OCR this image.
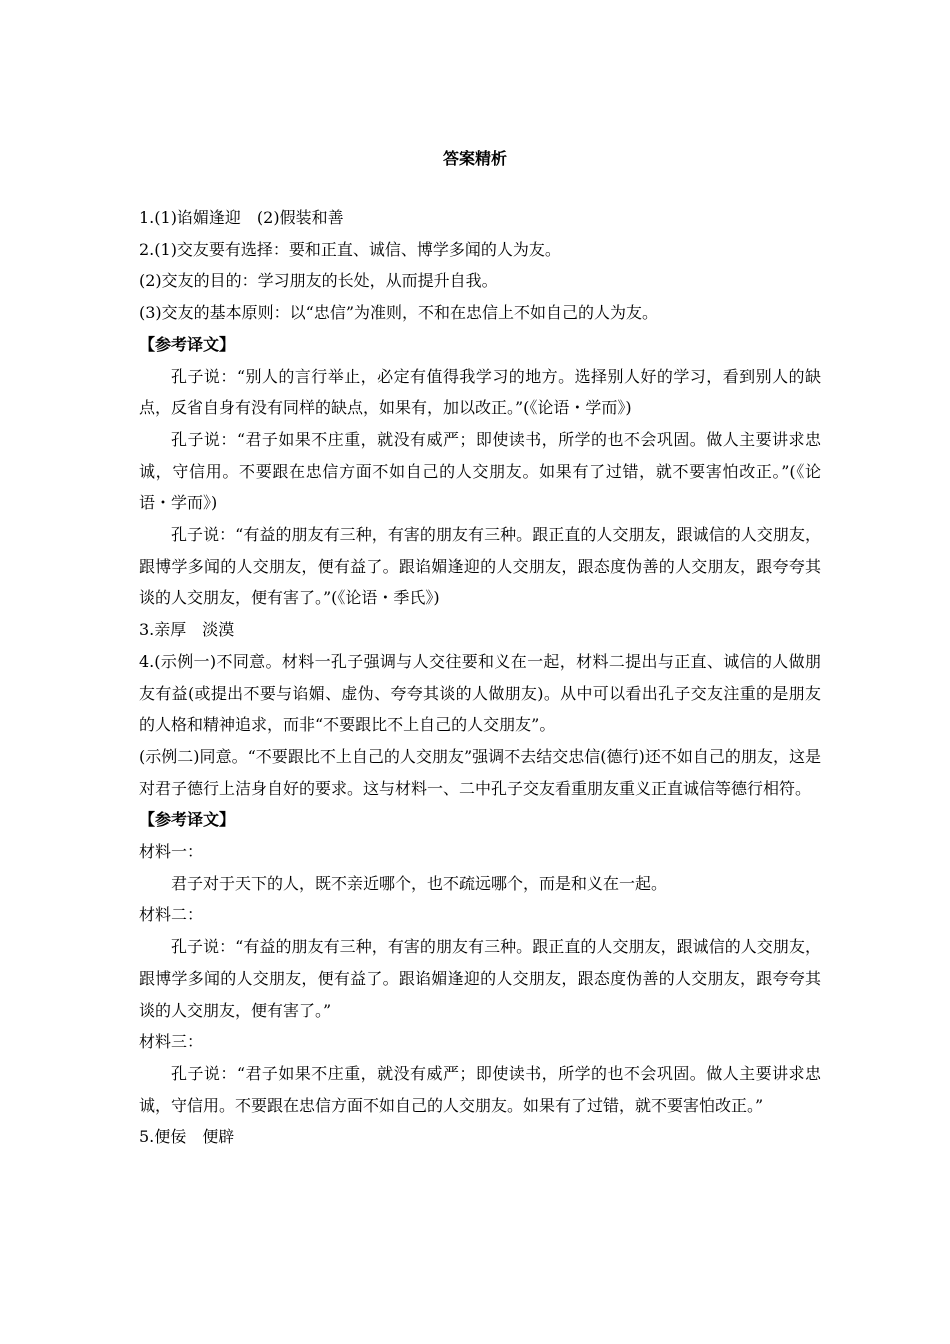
答案精析
1.(1)谄媚逢迎　(2)假装和善
2.(1)交友要有选择：要和正直、诚信、博学多闻的人为友。
(2)交友的目的：学习朋友的长处，从而提升自我。
(3)交友的基本原则：以“忠信”为准则，不和在忠信上不如自己的人为友。
【参考译文】
孔子说：“别人的言行举止，必定有值得我学习的地方。选择别人好的学习，看到别人的缺点，反省自身有没有同样的缺点，如果有，加以改正。”(《论语・学而》)
孔子说：“君子如果不庄重，就没有威严；即使读书，所学的也不会巩固。做人主要讲求忠诚，守信用。不要跟在忠信方面不如自己的人交朋友。如果有了过错，就不要害怕改正。”(《论语・学而》)
孔子说：“有益的朋友有三种，有害的朋友有三种。跟正直的人交朋友，跟诚信的人交朋友，跟博学多闻的人交朋友，便有益了。跟谄媚逢迎的人交朋友，跟态度伪善的人交朋友，跟夸夸其谈的人交朋友，便有害了。”(《论语・季氏》)
3.亲厚　淡漠
4.(示例一)不同意。材料一孔子强调与人交往要和义在一起，材料二提出与正直、诚信的人做朋友有益(或提出不要与谄媚、虚伪、夸夸其谈的人做朋友)。从中可以看出孔子交友注重的是朋友的人格和精神追求，而非“不要跟比不上自己的人交朋友”。
(示例二)同意。“不要跟比不上自己的人交朋友”强调不去结交忠信(德行)还不如自己的朋友，这是对君子德行上洁身自好的要求。这与材料一、二中孔子交友看重朋友重义正直诚信等德行相符。
【参考译文】
材料一：
君子对于天下的人，既不亲近哪个，也不疏远哪个，而是和义在一起。
材料二：
孔子说：“有益的朋友有三种，有害的朋友有三种。跟正直的人交朋友，跟诚信的人交朋友，跟博学多闻的人交朋友，便有益了。跟谄媚逢迎的人交朋友，跟态度伪善的人交朋友，跟夸夸其谈的人交朋友，便有害了。”
材料三：
孔子说：“君子如果不庄重，就没有威严；即使读书，所学的也不会巩固。做人主要讲求忠诚，守信用。不要跟在忠信方面不如自己的人交朋友。如果有了过错，就不要害怕改正。”
5.便佞　便辟
